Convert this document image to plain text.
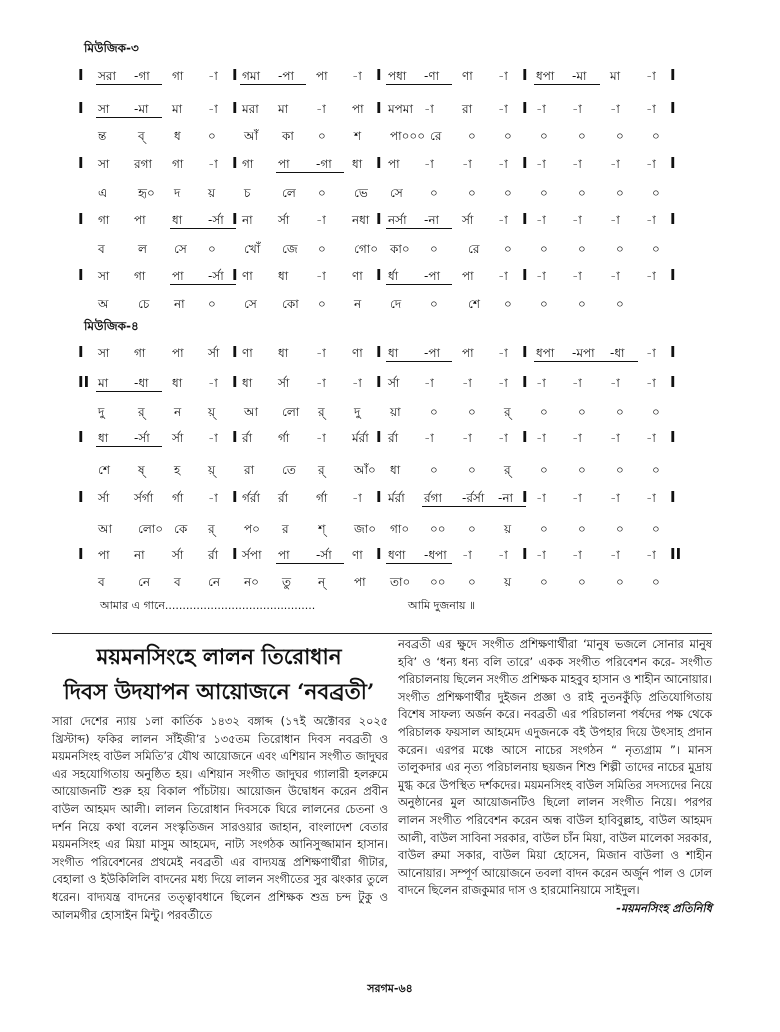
মিউজিক-৩
I সরা -গা গা -া I গমা -পা পা -া I পধা -ণা ণা -া I ধপা -মা মা -া I
I সা -মা মা -া I মরা মা -া পা I মপমা -া রা -া I -া -া -া -া I
ন্ত	ব্ ধ ০ আঁ কা ০ শ পা০০০ রে ০ ০ ০	০	০ ০
I সা রগা গা -া I গা পা -গা ধা I পা -া -া -া I -া -া -া -া I
এ	হৃ০ দ য় চ	লে ০ ভে সে ০	০ ০ ০	০	০ ০
I গা পা ধা -র্সা I না র্সা -া নধা I নর্সা -না র্সা -া I -া -া -া -া I
ব	ল সে ০ খোঁ জে ০ গো০ কা০ ০	রে ০ ০	০	০ ০
I সা গা পা -র্সা I ণা ধা -া ণা I র্ধা -পা পা -া I -া -া -া -া I
অ চে না ০ সে কো ০ ন দে ০	শে ০ ০	০	০
মিউজিক-৪
I সা গা পা র্সা I ণা ধা -া ণা I ধা -পা পা -া I ধপা -মপা -ধা -া I
II মা -ধা ধা -া I ধা র্সা -া -া I র্সা -া -া -া I -া -া -া -া I
দু	র্ ন য়্ আ লো র্ দু য়া ০	০ র্ ০	০	০ ০
I ধা -র্সা র্সা -া I র্রা র্গা -া র্মর্রা I র্রা -া -া -া I -া -া -া -া I
শে ষ্ হ য়্ রা তে র্ আঁ০ ধা ০	০ র্ ০	০	০ ০
I র্সা র্সর্গা র্গা -া I র্গর্রা র্রা র্গা -া I র্মর্রা র্রগা -র্রর্সা -না I -া -া -া -া I
আ লো০ কে র্ প০ র শ্ জা০ গা০ ০০ ০ য় ০	০	০ ০
I পা না র্সা র্রা I র্সপা পা -র্সা ণা I ধণা -ধপা -া -া I -া -া -া -া II
ব	নে ব নে ন০ তু ন্ পা তা০ ০০ ০ য় ০	০	০ ০
আমার এ গানে...........................................	আমি দুজনায় ॥
ময়মনসিংহে লালন তিরোধান
দিবস উদযাপন আয়োজনে ‘নবব্রতী’

সারা দেশের ন্যায় ১লা কার্তিক ১৪৩২ বঙ্গাব্দ (১৭ই অক্টোবর ২০২৫ খ্রিস্টাব্দ) ফকির লালন সাঁইজী’র ১৩৫তম তিরোধান দিবস নবব্রতী ও ময়মনসিংহ বাউল সমিতি’র যৌথ আয়োজনে এবং এশিয়ান সংগীত জাদুঘর এর সহযোগিতায় অনুষ্ঠিত হয়। এশিয়ান সংগীত জাদুঘর গ্যালারী হলরুমে আয়োজনটি শুরু হয় বিকাল পাঁচটায়। আয়োজন উদ্বোধন করেন প্রবীন বাউল আহমদ আলী। লালন তিরোধান দিবসকে ঘিরে লালনের চেতনা ও দর্শন নিয়ে কথা বলেন সংস্কৃতিজন সারওয়ার জাহান, বাংলাদেশ বেতার ময়মনসিংহ এর মিয়া মাসুম আহমেদ, নাট্য সংগঠক আনিসুজ্জামান হাসান। সংগীত পরিবেশনের প্রথমেই নবব্রতী এর বাদ্যযন্ত্র প্রশিক্ষণার্থীরা গীটার, বেহালা ও ইউকিলিলি বাদনের মধ্য দিয়ে লালন সংগীতের সুর ঝংকার তুলে ধরেন। বাদ্যযন্ত্র বাদনের তত্ত্বাবধানে ছিলেন প্রশিক্ষক শুভ্র চন্দ টুকু ও আলমগীর হোসাইন মিন্টু। পরবর্তীতে

নবব্রতী এর ক্ষুদে সংগীত প্রশিক্ষণার্থীরা ‘মানুষ ভজলে সোনার মানুষ হবি’ ও ‘ধন্য ধন্য বলি তারে’ একক সংগীত পরিবেশন করে- সংগীত পরিচালনায় ছিলেন সংগীত প্রশিক্ষক মাহবুব হাসান ও শাহীন আনোয়ার। সংগীত প্রশিক্ষণার্থীর দুইজন প্রজ্ঞা ও রাই নুতনকুঁড়ি প্রতিযোগিতায় বিশেষ সাফল্য অর্জন করে। নবব্রতী এর পরিচালনা পর্ষদের পক্ষ থেকে পরিচালক ফয়সাল আহমেদ এদুজনকে বই উপহার দিয়ে উৎসাহ প্রদান করেন। এরপর মঞ্চে আসে নাচের সংগঠন “ নৃত্যগ্রাম ”। মানস তালুকদার এর নৃত্য পরিচালনায় ছয়জন শিশু শিল্পী তাদের নাচের মুদ্রায় মুগ্ধ করে উপস্থিত দর্শকদের। ময়মনসিংহ বাউল সমিতির সদস্যদের নিয়ে অনুষ্ঠানের মুল আয়োজনটিও ছিলো লালন সংগীত নিয়ে। পরপর লালন সংগীত পরিবেশন করেন অন্ধ বাউল হাবিবুল্লাহ, বাউল আহমদ আলী, বাউল সাবিনা সরকার, বাউল চাঁন মিয়া, বাউল মালেকা সরকার, বাউল রুমা সকার, বাউল মিয়া হোসেন, মিজান বাউলা ও শাহীন আনোয়ার। সম্পূর্ণ আয়োজনে তবলা বাদন করেন অর্জুন পাল ও ঢোল বাদনে ছিলেন রাজকুমার দাস ও হারমোনিয়ামে সাইদুল।

-ময়মনসিংহ প্রতিনিধি

সরগম-৬৪
